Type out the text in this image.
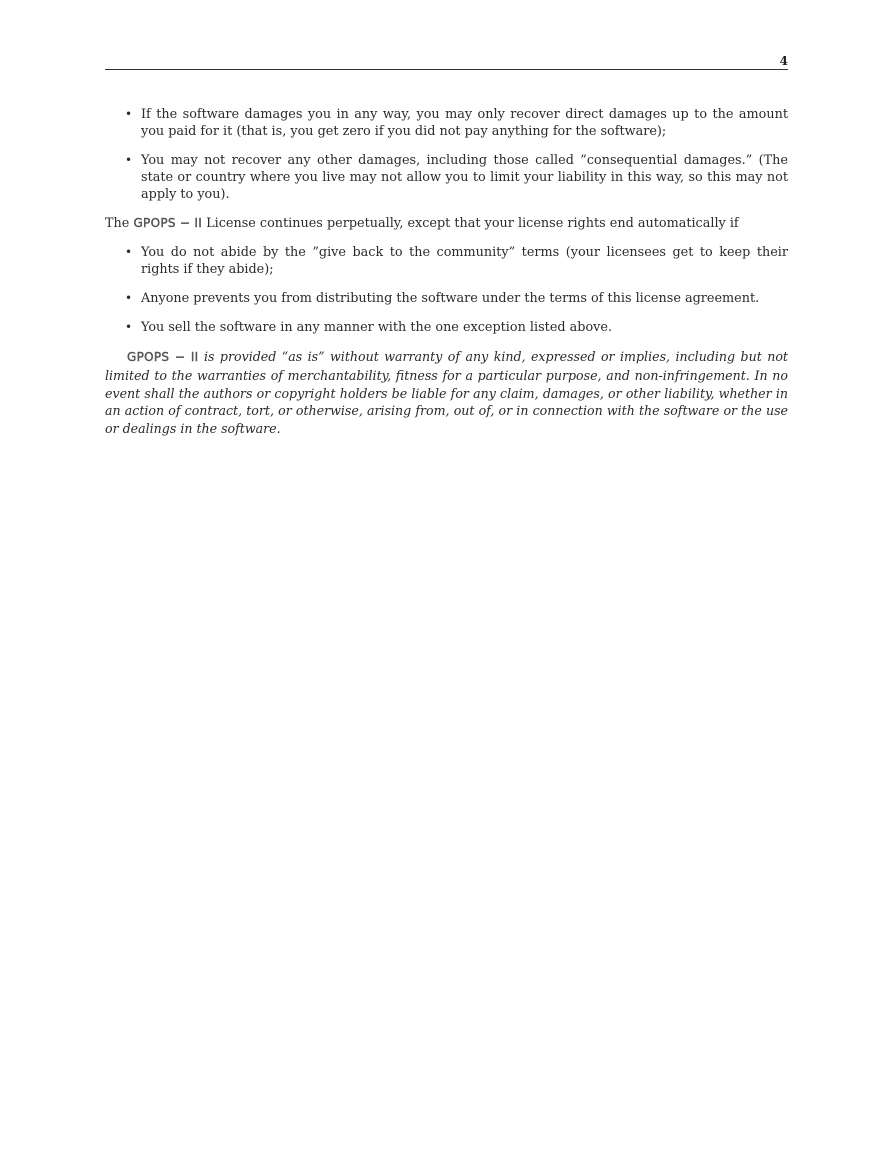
4
• If the software damages you in any way, you may only recover direct damages up to the amount you paid for it (that is, you get zero if you did not pay anything for the software);
• You may not recover any other damages, including those called ”consequential damages.” (The state or country where you live may not allow you to limit your liability in this way, so this may not apply to you).

The GPOPS − II License continues perpetually, except that your license rights end automatically if

• You do not abide by the ”give back to the community” terms (your licensees get to keep their rights if they abide);
• Anyone prevents you from distributing the software under the terms of this license agreement.
• You sell the software in any manner with the one exception listed above.

GPOPS − II is provided “as is” without warranty of any kind, expressed or implies, including but not limited to the warranties of merchantability, fitness for a particular purpose, and non-infringement. In no event shall the authors or copyright holders be liable for any claim, damages, or other liability, whether in an action of contract, tort, or otherwise, arising from, out of, or in connection with the software or the use or dealings in the software.
